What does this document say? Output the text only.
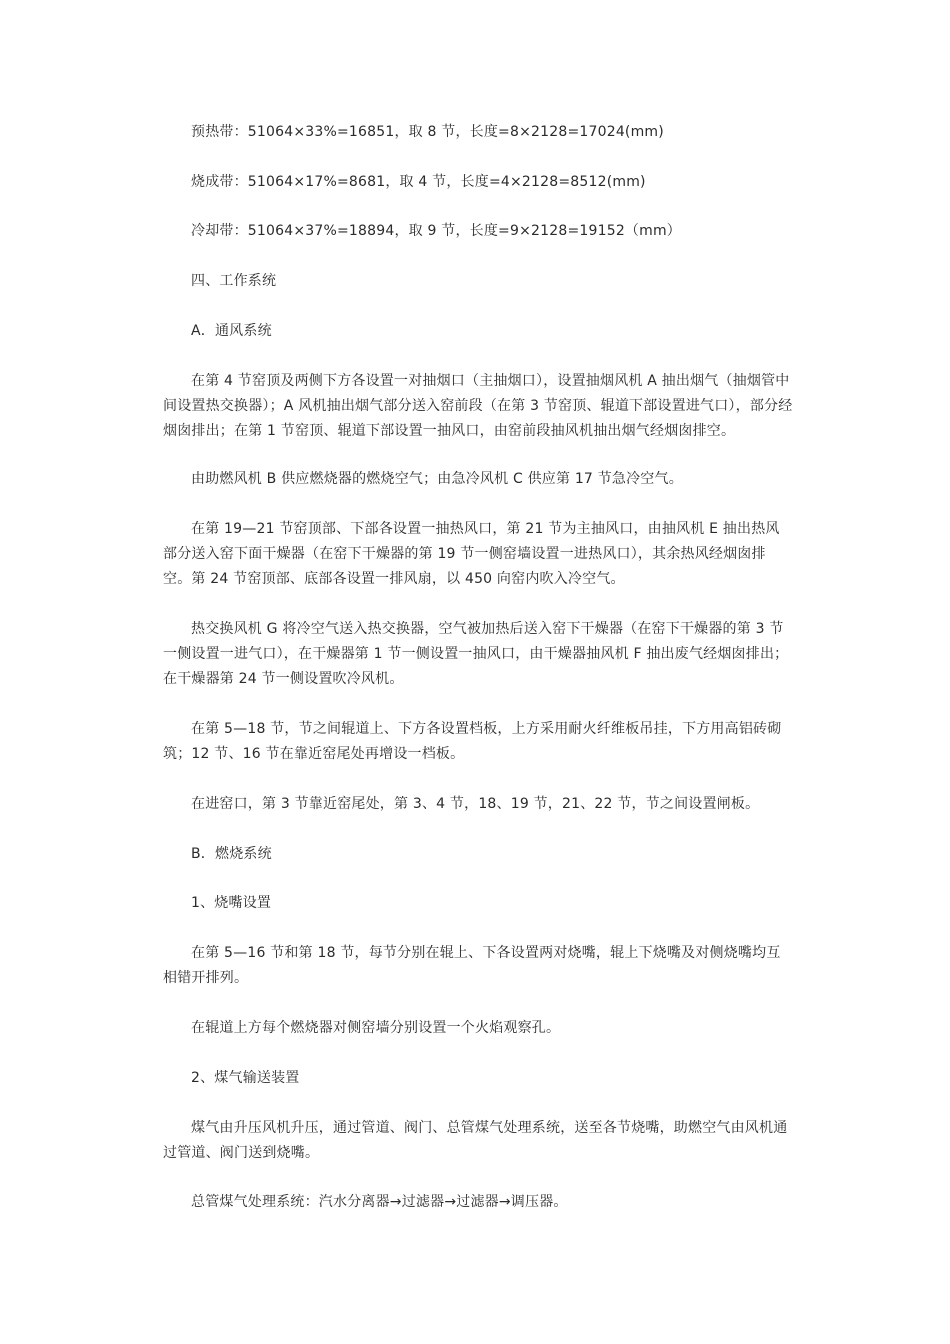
预热带：51064×33%=16851，取 8 节，长度=8×2128=17024(mm)

烧成带：51064×17%=8681，取 4 节，长度=4×2128=8512(mm)

冷却带：51064×37%=18894，取 9 节，长度=9×2128=19152（mm）

四、工作系统

A．通风系统

在第 4 节窑顶及两侧下方各设置一对抽烟口（主抽烟口），设置抽烟风机 A 抽出烟气（抽烟管中间设置热交换器）；A 风机抽出烟气部分送入窑前段（在第 3 节窑顶、辊道下部设置进气口），部分经烟囱排出；在第 1 节窑顶、辊道下部设置一抽风口，由窑前段抽风机抽出烟气经烟囱排空。

由助燃风机 B 供应燃烧器的燃烧空气；由急冷风机 C 供应第 17 节急冷空气。

在第 19—21 节窑顶部、下部各设置一抽热风口，第 21 节为主抽风口，由抽风机 E 抽出热风部分送入窑下面干燥器（在窑下干燥器的第 19 节一侧窑墙设置一进热风口），其余热风经烟囱排空。第 24 节窑顶部、底部各设置一排风扇，以 450 向窑内吹入冷空气。

热交换风机 G 将冷空气送入热交换器，空气被加热后送入窑下干燥器（在窑下干燥器的第 3 节一侧设置一进气口），在干燥器第 1 节一侧设置一抽风口，由干燥器抽风机 F 抽出废气经烟囱排出；在干燥器第 24 节一侧设置吹冷风机。

在第 5—18 节，节之间辊道上、下方各设置档板，上方采用耐火纤维板吊挂，下方用高铝砖砌筑；12 节、16 节在靠近窑尾处再增设一档板。

在进窑口，第 3 节靠近窑尾处，第 3、4 节，18、19 节，21、22 节，节之间设置闸板。

B．燃烧系统

1、烧嘴设置

在第 5—16 节和第 18 节，每节分别在辊上、下各设置两对烧嘴，辊上下烧嘴及对侧烧嘴均互相错开排列。

在辊道上方每个燃烧器对侧窑墙分别设置一个火焰观察孔。

2、煤气输送装置

煤气由升压风机升压，通过管道、阀门、总管煤气处理系统，送至各节烧嘴，助燃空气由风机通过管道、阀门送到烧嘴。

总管煤气处理系统：汽水分离器→过滤器→过滤器→调压器。
